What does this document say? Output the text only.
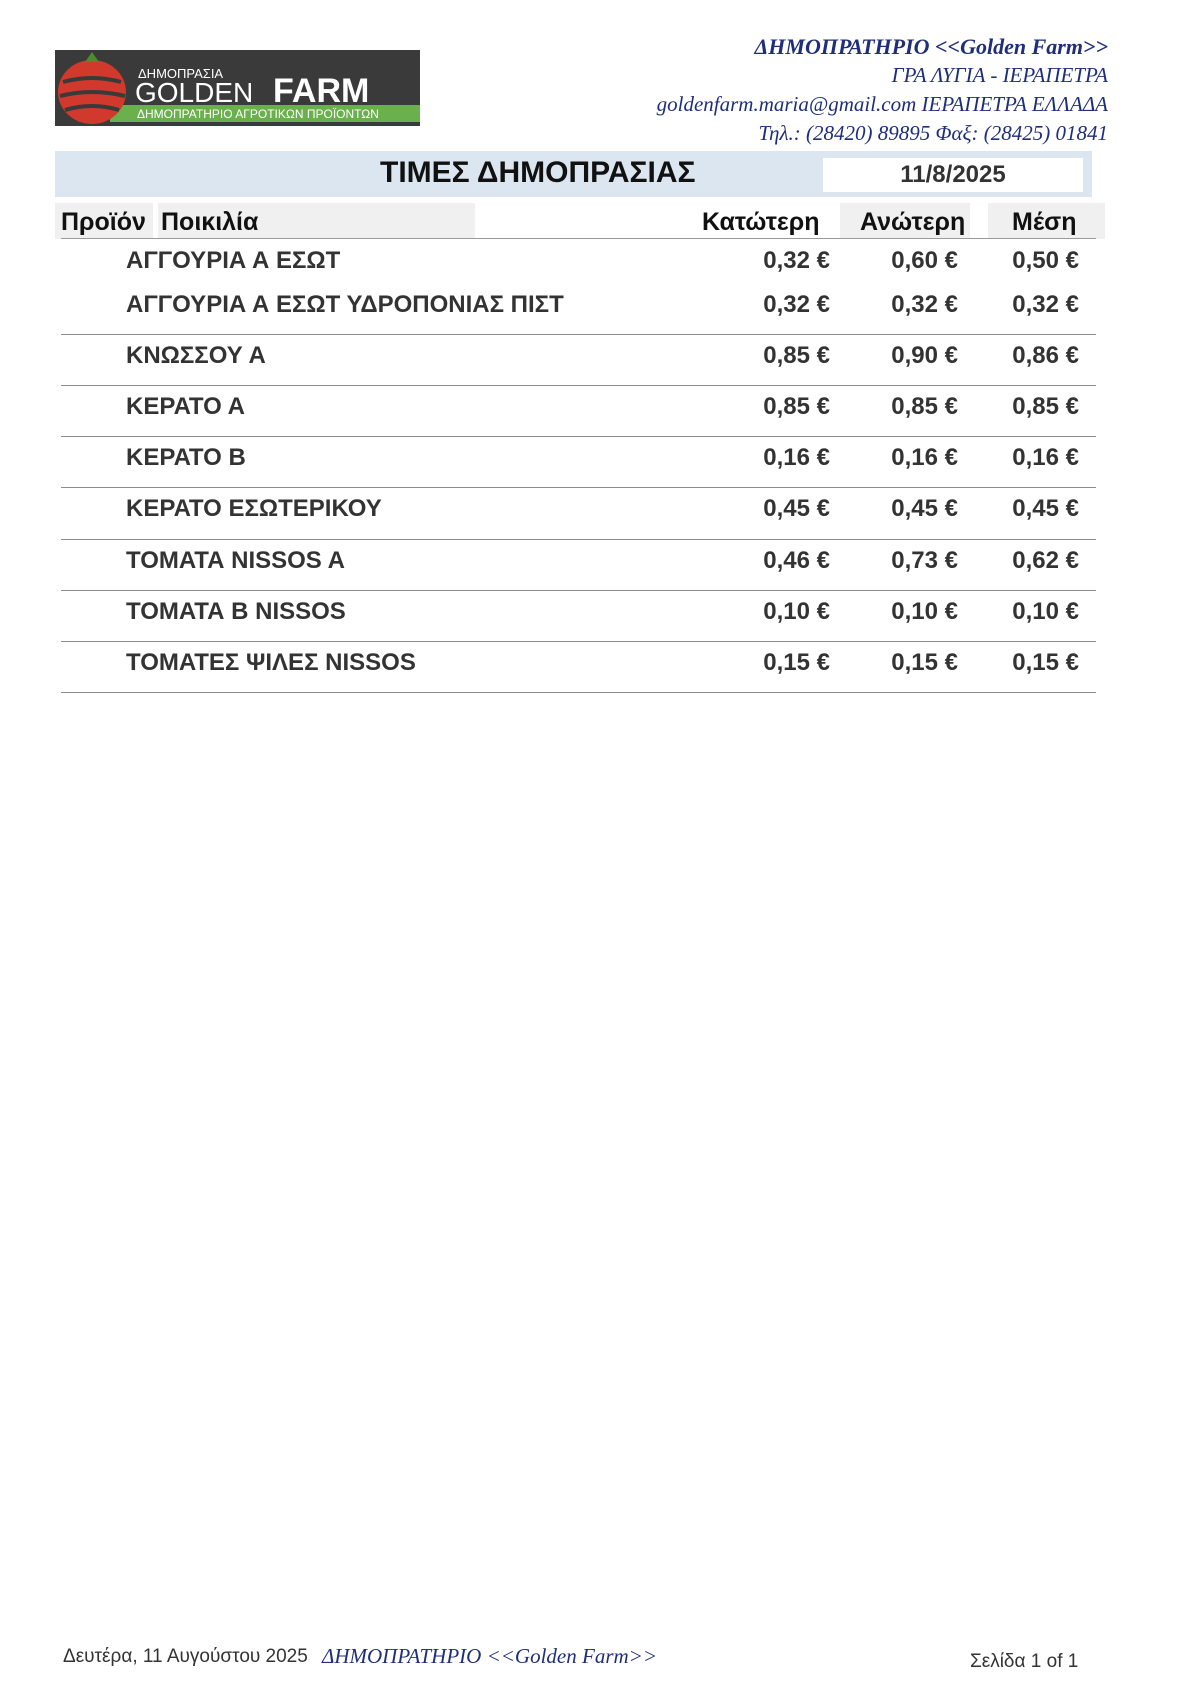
ΔΗΜΟΠΡΑΣΙΑ
GOLDEN FARM
ΔΗΜΟΠΡΑΤΗΡΙΟ ΑΓΡΟΤΙΚΩΝ ΠΡΟΪΟΝΤΩΝ
ΔΗΜΟΠΡΑΤΗΡΙΟ <<Golden Farm>>
ΓΡΑ ΛΥΓΙΑ - ΙΕΡΑΠΕΤΡΑ
goldenfarm.maria@gmail.com ΙΕΡΑΠΕΤΡΑ ΕΛΛΑΔΑ
Τηλ.: (28420) 89895 Φαξ: (28425) 01841
ΤΙΜΕΣ ΔΗΜΟΠΡΑΣΙΑΣ	11/8/2025
Προϊόν Ποικιλία	Κατώτερη Ανώτερη Μέση
ΑΓΓΟΥΡΙΑ Α ΕΣΩΤ	0,32 €	0,60 € 0,50 €
ΑΓΓΟΥΡΙΑ Α ΕΣΩΤ ΥΔΡΟΠΟΝΙΑΣ ΠΙΣΤ	0,32 €	0,32 € 0,32 €
ΚΝΩΣΣΟΥ Α	0,85 €	0,90 € 0,86 €
ΚΕΡΑΤΟ Α	0,85 €	0,85 € 0,85 €
ΚΕΡΑΤΟ Β	0,16 €	0,16 € 0,16 €
ΚΕΡΑΤΟ ΕΣΩΤΕΡΙΚΟΥ	0,45 €	0,45 € 0,45 €
ΤΟΜΑΤΑ NISSOS A	0,46 €	0,73 € 0,62 €
ΤΟΜΑΤΑ Β NISSOS	0,10 €	0,10 € 0,10 €
ΤΟΜΑΤΕΣ ΨΙΛΕΣ NISSOS	0,15 €	0,15 € 0,15 €
Δευτέρα, 11 Αυγούστου 2025 ΔΗΜΟΠΡΑΤΗΡΙΟ <<Golden Farm>>	Σελίδα 1 of 1
